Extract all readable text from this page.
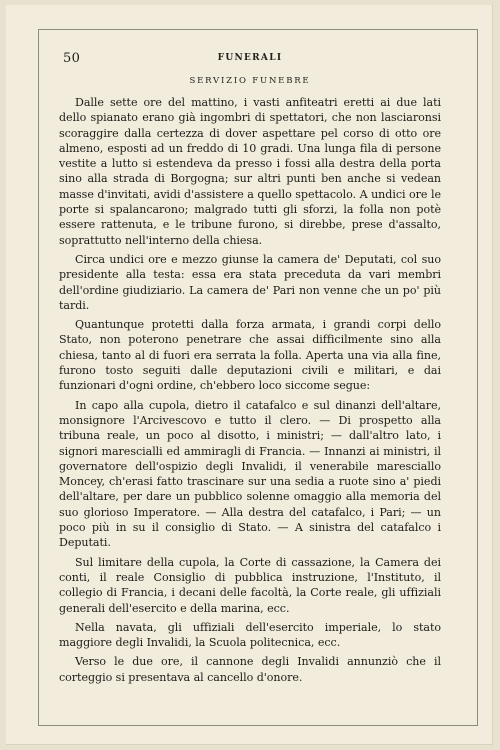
50	FUNERALI
SERVIZIO FUNEBRE

Dalle sette ore del mattino, i vasti anfiteatri eretti ai due lati dello spianato erano già ingombri di spettatori, che non lasciaronsi scoraggire dalla certezza di dover aspettare pel corso di otto ore almeno, esposti ad un freddo di 10 gradi. Una lunga fila di persone vestite a lutto si estendeva da presso i fossi alla destra della porta sino alla strada di Borgogna; sur altri punti ben anche si vedean masse d'invitati, avidi d'assistere a quello spettacolo. A undici ore le porte si spalancarono; malgrado tutti gli sforzi, la folla non potè essere rattenuta, e le tribune furono, si direbbe, prese d'assalto, soprattutto nell'interno della chiesa.

Circa undici ore e mezzo giunse la camera de' Deputati, col suo presidente alla testa: essa era stata preceduta da vari membri dell'ordine giudiziario. La camera de' Pari non venne che un po' più tardi.

Quantunque protetti dalla forza armata, i grandi corpi dello Stato, non poterono penetrare che assai difficilmente sino alla chiesa, tanto al di fuori era serrata la folla. Aperta una via alla fine, furono tosto seguiti dalle deputazioni civili e militari, e dai funzionari d'ogni ordine, ch'ebbero loco siccome segue:

In capo alla cupola, dietro il catafalco e sul dinanzi dell'altare, monsignore l'Arcivescovo e tutto il clero. — Di prospetto alla tribuna reale, un poco al disotto, i ministri; — dall'altro lato, i signori marescialli ed ammiragli di Francia. — Innanzi ai ministri, il governatore dell'ospizio degli Invalidi, il venerabile maresciallo Moncey, ch'erasi fatto trascinare sur una sedia a ruote sino a' piedi dell'altare, per dare un pubblico solenne omaggio alla memoria del suo glorioso Imperatore. — Alla destra del catafalco, i Pari; — un poco più in su il consiglio di Stato. — A sinistra del catafalco i Deputati.

Sul limitare della cupola, la Corte di cassazione, la Camera dei conti, il reale Consiglio di pubblica instruzione, l'Instituto, il collegio di Francia, i decani delle facoltà, la Corte reale, gli uffiziali generali dell'esercito e della marina, ecc.

Nella navata, gli uffiziali dell'esercito imperiale, lo stato maggiore degli Invalidi, la Scuola politecnica, ecc.

Verso le due ore, il cannone degli Invalidi annunziò che il corteggio si presentava al cancello d'onore.
